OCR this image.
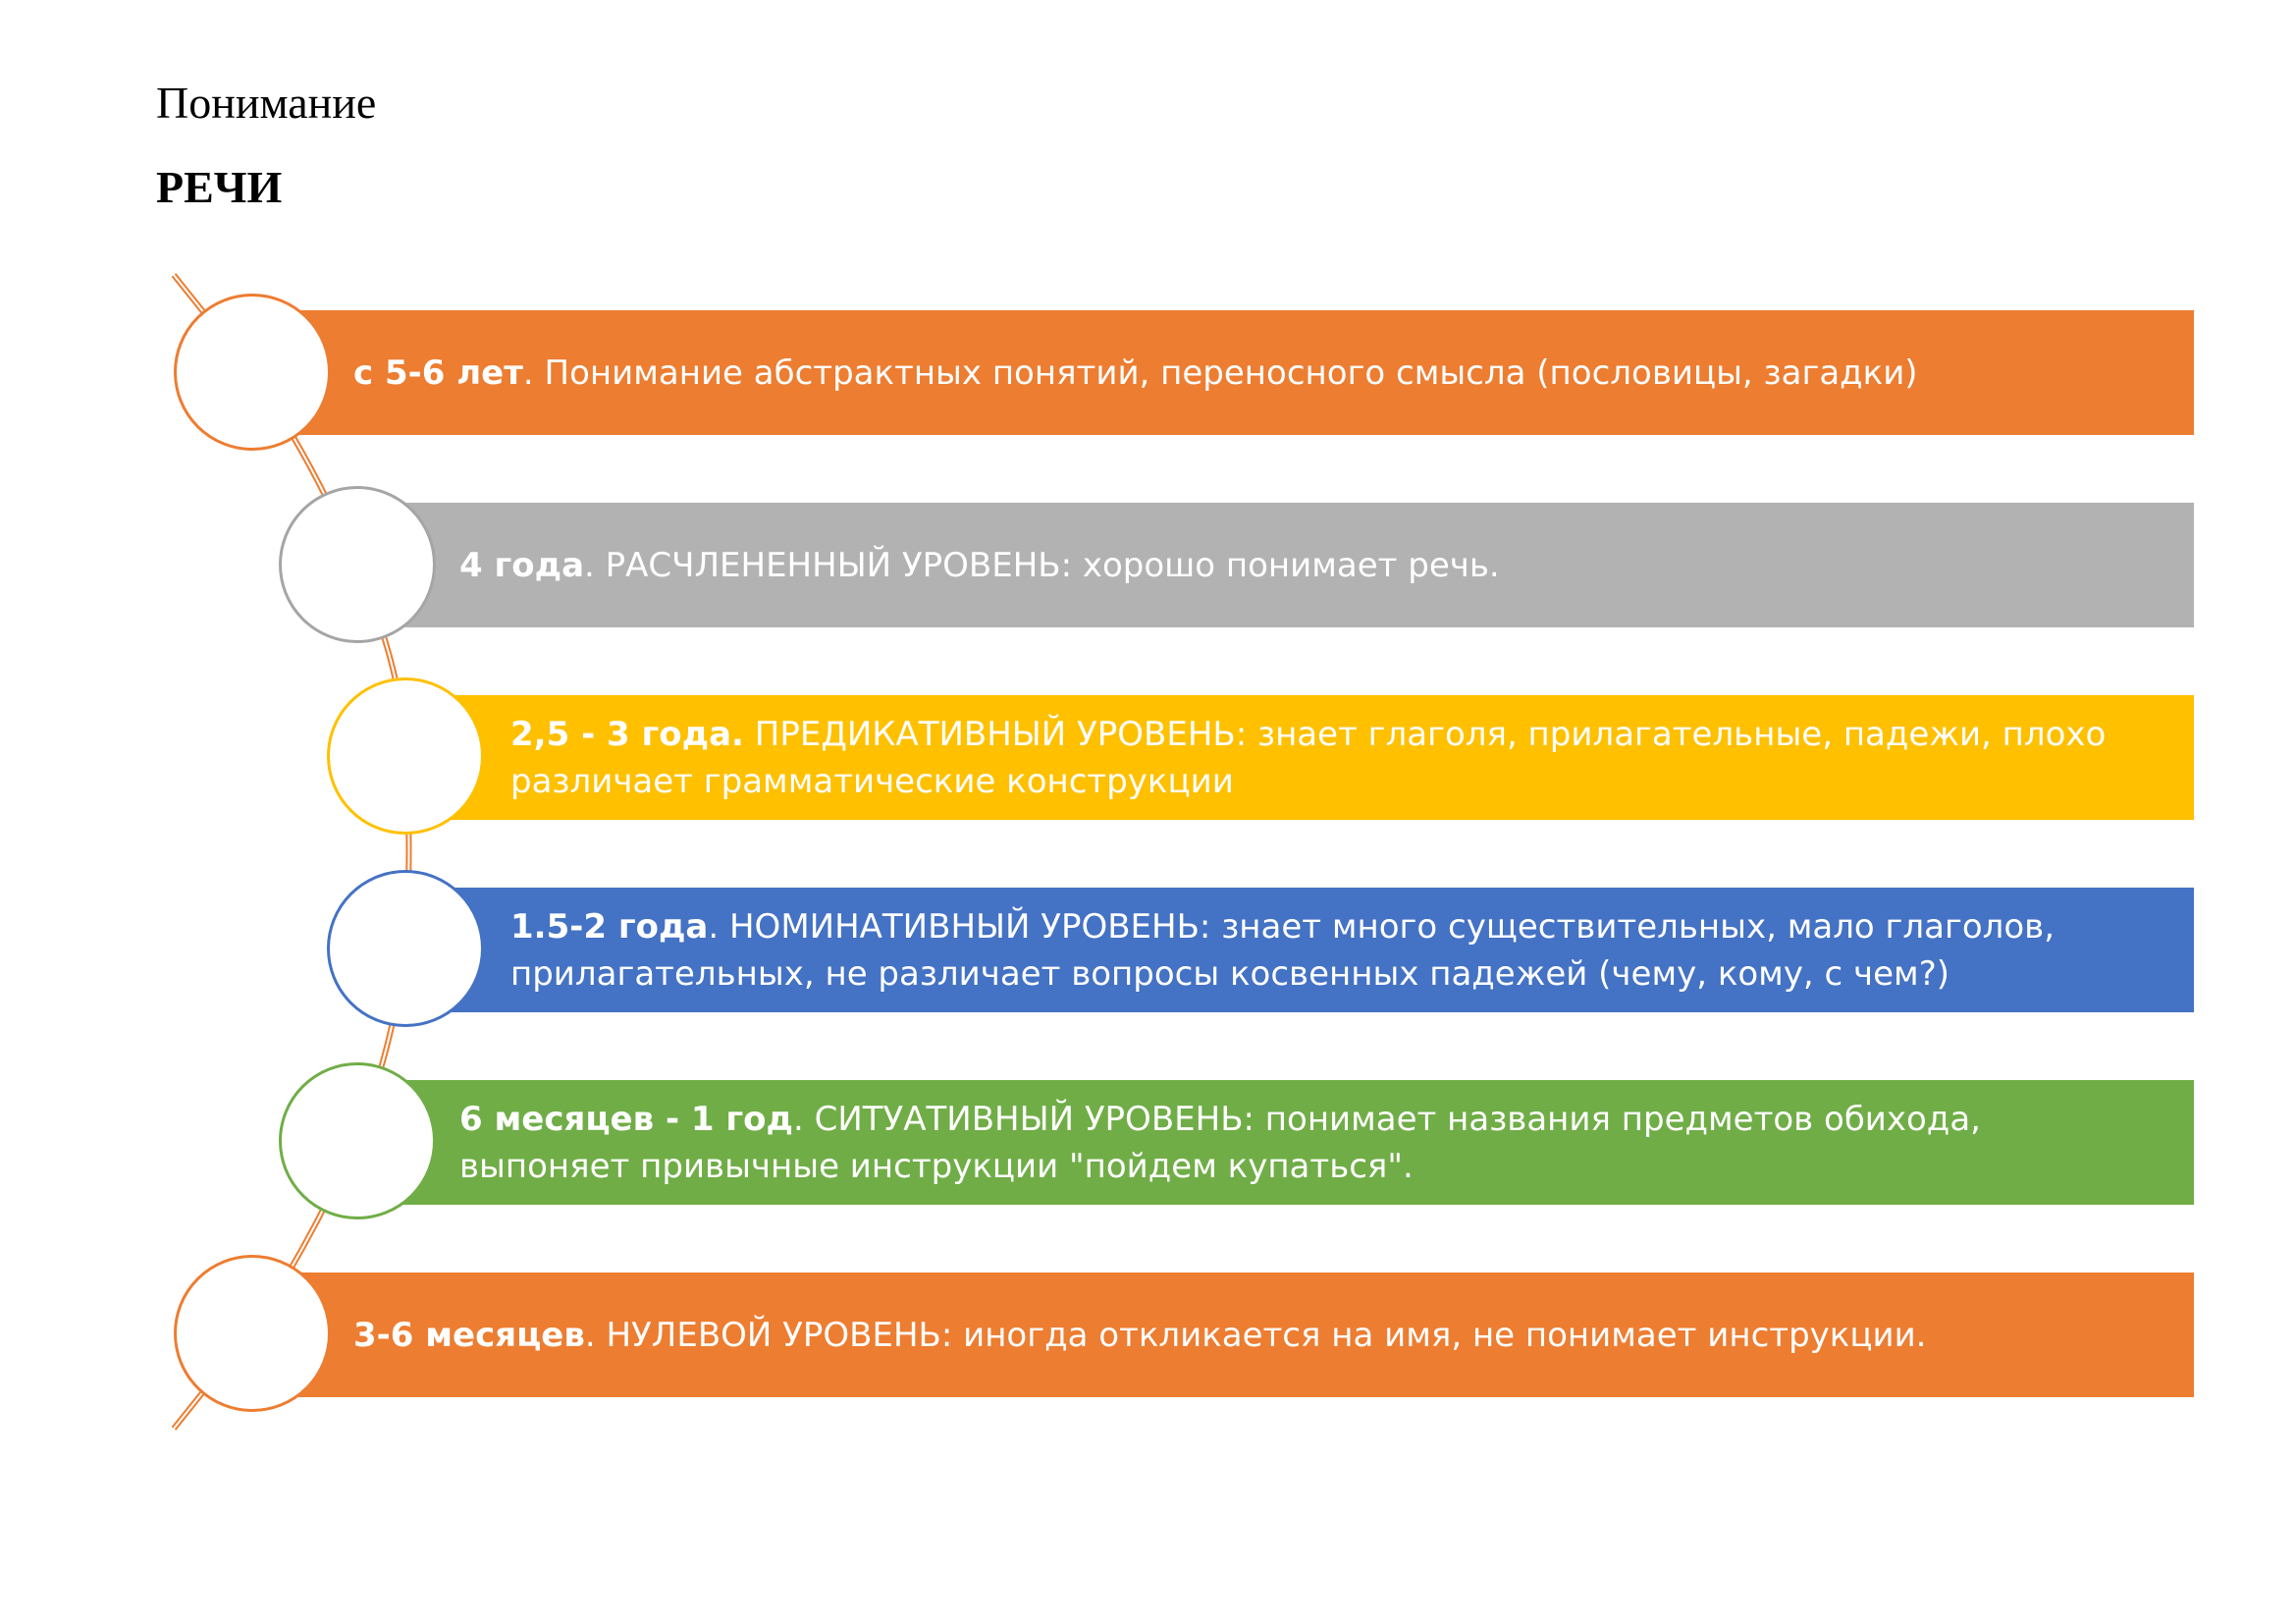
Понимание
РЕЧИ
с 5-6 лет. Понимание абстрактных понятий, переносного смысла (пословицы, загадки)
4 года. РАСЧЛЕНЕННЫЙ УРОВЕНЬ: хорошо понимает речь.
2,5 - 3 года. ПРЕДИКАТИВНЫЙ УРОВЕНЬ: знает глаголя, прилагательные, падежи, плохо различает грамматические конструкции
1.5-2 года. НОМИНАТИВНЫЙ УРОВЕНЬ: знает много существительных, мало глаголов, прилагательных, не различает вопросы косвенных падежей (чему, кому, с чем?)
6 месяцев - 1 год. СИТУАТИВНЫЙ УРОВЕНЬ: понимает названия предметов обихода, выпоняет привычные инструкции "пойдем купаться".
3-6 месяцев. НУЛЕВОЙ УРОВЕНЬ: иногда откликается на имя, не понимает инструкции.
